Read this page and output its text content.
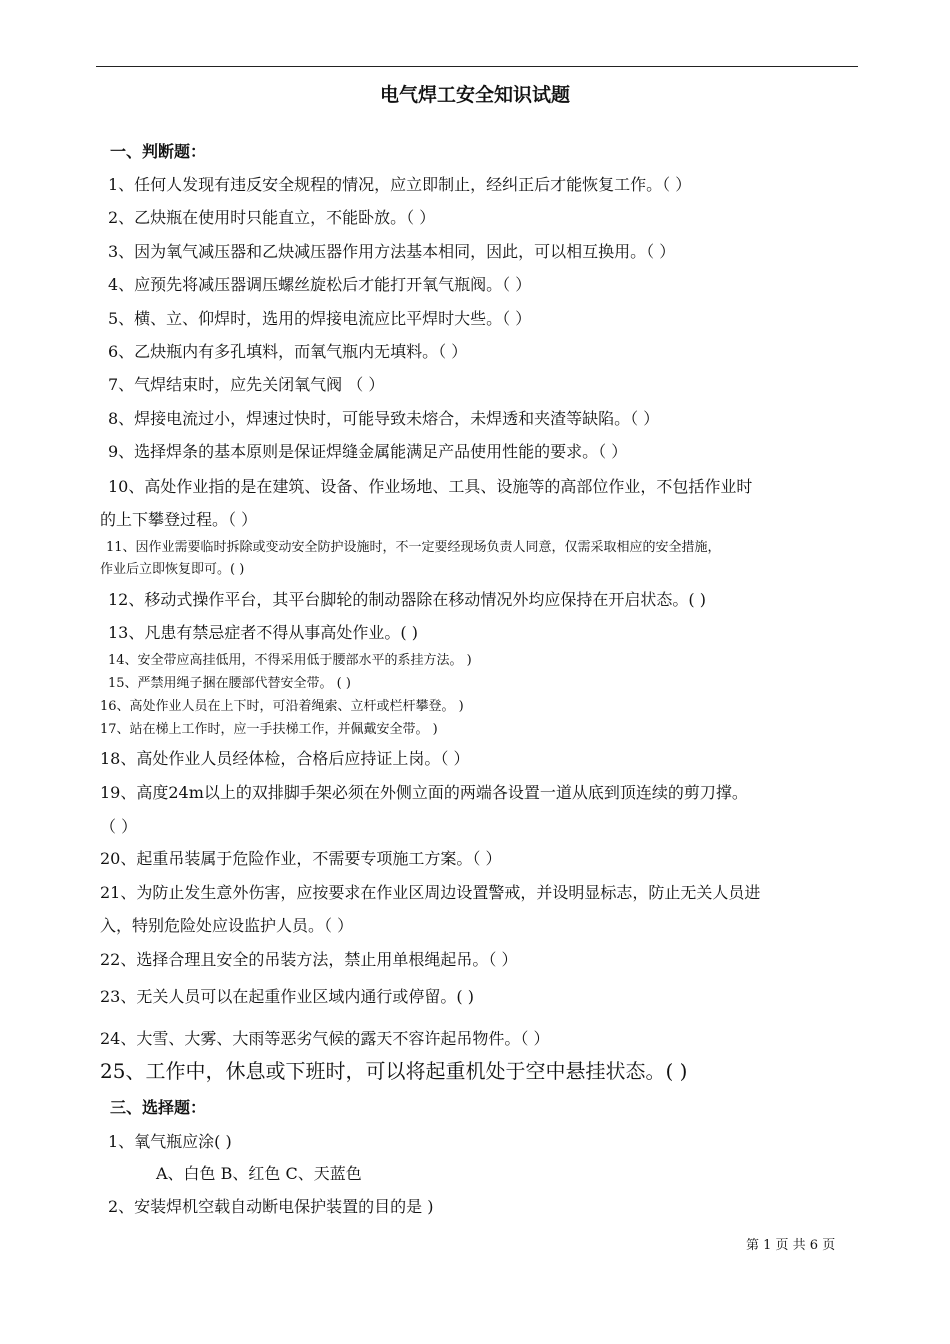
电气焊工安全知识试题
一、判断题：
1、任何人发现有违反安全规程的情况，应立即制止，经纠正后才能恢复工作。（ ）
2、乙炔瓶在使用时只能直立，不能卧放。（ ）
3、因为氧气减压器和乙炔减压器作用方法基本相同，因此，可以相互换用。（ ）
4、应预先将减压器调压螺丝旋松后才能打开氧气瓶阀。（ ）
5、横、立、仰焊时，选用的焊接电流应比平焊时大些。（ ）
6、乙炔瓶内有多孔填料，而氧气瓶内无填料。（ ）
7、气焊结束时，应先关闭氧气阀 （ ）
8、焊接电流过小，焊速过快时，可能导致未熔合，未焊透和夹渣等缺陷。（ ）
9、选择焊条的基本原则是保证焊缝金属能满足产品使用性能的要求。（ ）
10、高处作业指的是在建筑、设备、作业场地、工具、设施等的高部位作业，不包括作业时
的上下攀登过程。（ ）
11、因作业需要临时拆除或变动安全防护设施时，不一定要经现场负责人同意，仅需采取相应的安全措施，
作业后立即恢复即可。( )
12、移动式操作平台，其平台脚轮的制动器除在移动情况外均应保持在开启状态。( )
13、凡患有禁忌症者不得从事高处作业。( )
14、安全带应高挂低用，不得采用低于腰部水平的系挂方法。 )
15、严禁用绳子捆在腰部代替安全带。 ( )
16、高处作业人员在上下时，可沿着绳索、立杆或栏杆攀登。 )
17、站在梯上工作时，应一手扶梯工作，并佩戴安全带。 )
18、高处作业人员经体检，合格后应持证上岗。（ ）
19、高度24m以上的双排脚手架必须在外侧立面的两端各设置一道从底到顶连续的剪刀撑。
（ ）
20、起重吊装属于危险作业，不需要专项施工方案。（ ）
21、为防止发生意外伤害，应按要求在作业区周边设置警戒，并设明显标志，防止无关人员进
入，特别危险处应设监护人员。（ ）
22、选择合理且安全的吊装方法，禁止用单根绳起吊。（ ）
23、无关人员可以在起重作业区域内通行或停留。( )
24、大雪、大雾、大雨等恶劣气候的露天不容许起吊物件。（ ）
25、工作中，休息或下班时，可以将起重机处于空中悬挂状态。( )
三、选择题：
1、氧气瓶应涂( )
A、白色 B、红色 C、天蓝色
2、安装焊机空载自动断电保护装置的目的是 )
第 1 页 共 6 页
